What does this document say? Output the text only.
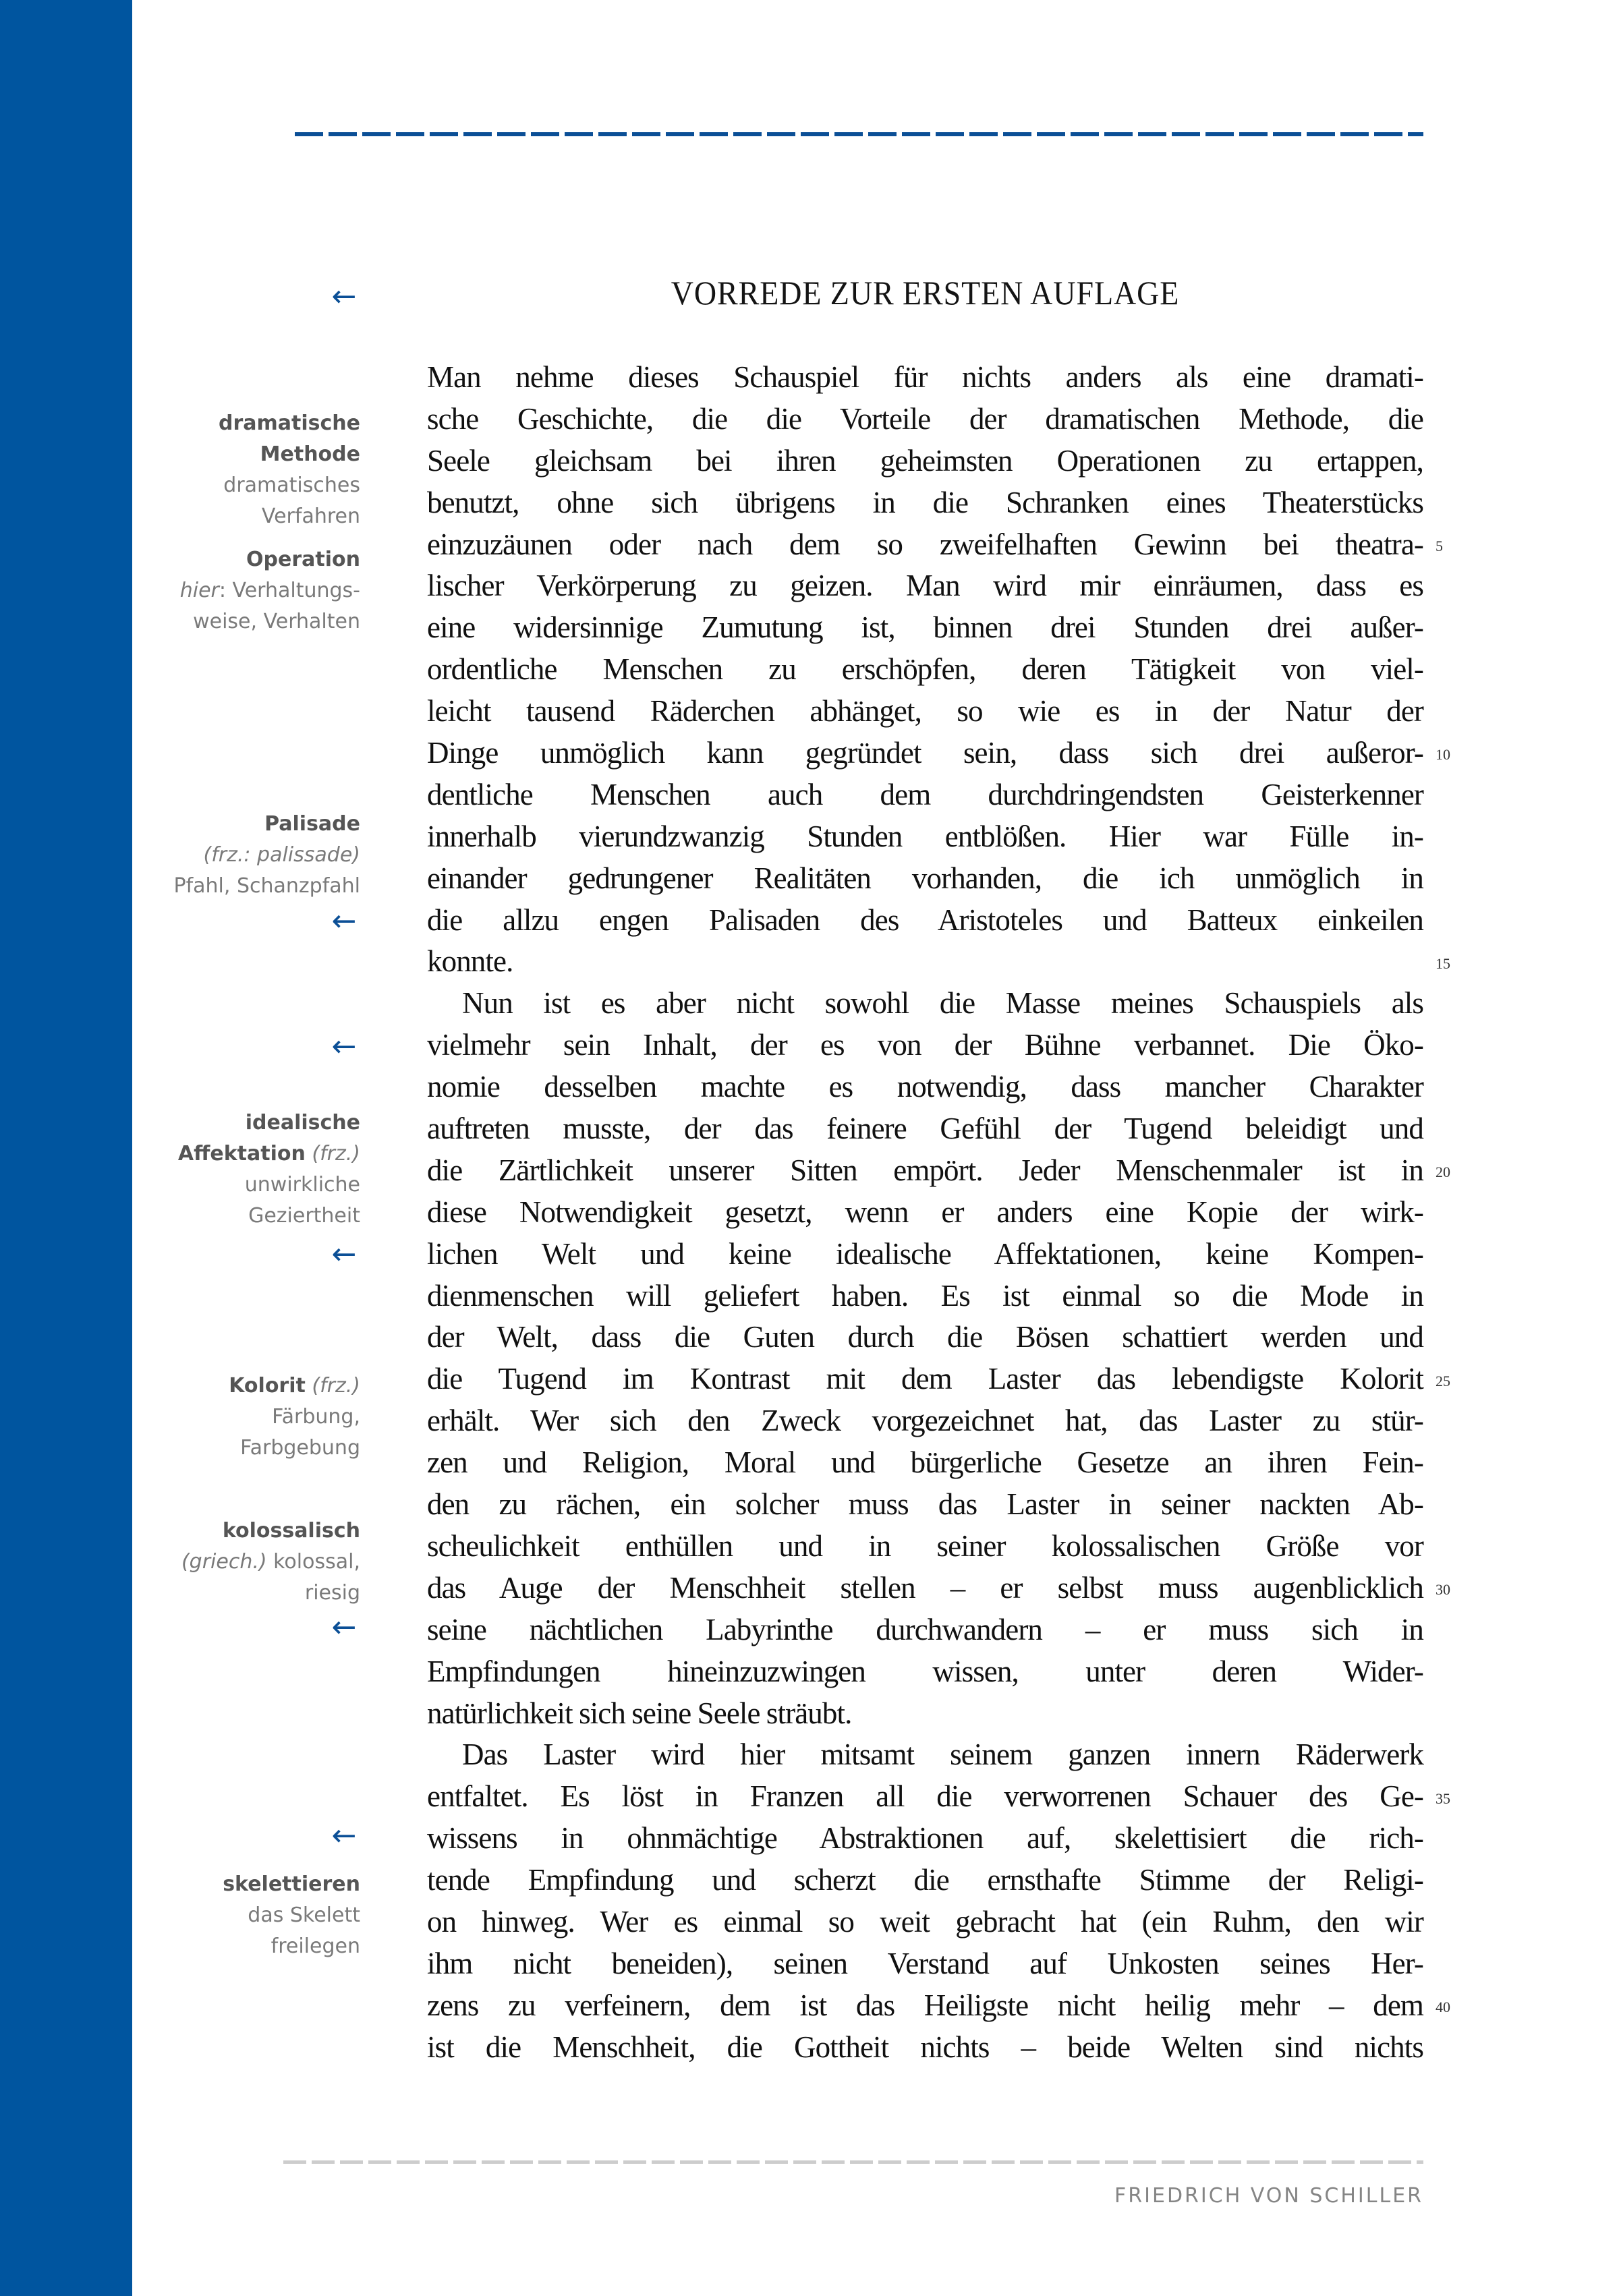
VORREDE ZUR ERSTEN AUFLAGE
←
←
←
←
←
←
dramatische
Methode
dramatisches
Verfahren
Operation
hier: Verhaltungs-
weise, Verhalten
Palisade
(frz.: palissade)
Pfahl, Schanzpfahl
idealische
Affektation (frz.)
unwirkliche
Geziertheit
Kolorit (frz.)
Färbung,
Farbgebung
kolossalisch
(griech.) kolossal,
riesig
skelettieren
das Skelett
freilegen
Man nehme dieses Schauspiel für nichts anders als eine dramati-
sche Geschichte, die die Vorteile der dramatischen Methode, die
Seele gleichsam bei ihren geheimsten Operationen zu ertappen,
benutzt, ohne sich übrigens in die Schranken eines Theaterstücks
einzuzäunen oder nach dem so zweifelhaften Gewinn bei theatra-
lischer Verkörperung zu geizen. Man wird mir einräumen, dass es
eine widersinnige Zumutung ist, binnen drei Stunden drei außer-
ordentliche Menschen zu erschöpfen, deren Tätigkeit von viel-
leicht tausend Räderchen abhänget, so wie es in der Natur der
Dinge unmöglich kann gegründet sein, dass sich drei außeror-
dentliche Menschen auch dem durchdringendsten Geisterkenner
innerhalb vierundzwanzig Stunden entblößen. Hier war Fülle in-
einander gedrungener Realitäten vorhanden, die ich unmöglich in
die allzu engen Palisaden des Aristoteles und Batteux einkeilen
konnte.
Nun ist es aber nicht sowohl die Masse meines Schauspiels als
vielmehr sein Inhalt, der es von der Bühne verbannet. Die Öko-
nomie desselben machte es notwendig, dass mancher Charakter
auftreten musste, der das feinere Gefühl der Tugend beleidigt und
die Zärtlichkeit unserer Sitten empört. Jeder Menschenmaler ist in
diese Notwendigkeit gesetzt, wenn er anders eine Kopie der wirk-
lichen Welt und keine idealische Affektationen, keine Kompen-
dienmenschen will geliefert haben. Es ist einmal so die Mode in
der Welt, dass die Guten durch die Bösen schattiert werden und
die Tugend im Kontrast mit dem Laster das lebendigste Kolorit
erhält. Wer sich den Zweck vorgezeichnet hat, das Laster zu stür-
zen und Religion, Moral und bürgerliche Gesetze an ihren Fein-
den zu rächen, ein solcher muss das Laster in seiner nackten Ab-
scheulichkeit enthüllen und in seiner kolossalischen Größe vor
das Auge der Menschheit stellen – er selbst muss augenblicklich
seine nächtlichen Labyrinthe durchwandern – er muss sich in
Empfindungen hineinzuzwingen wissen, unter deren Wider-
natürlichkeit sich seine Seele sträubt.
Das Laster wird hier mitsamt seinem ganzen innern Räderwerk
entfaltet. Es löst in Franzen all die verworrenen Schauer des Ge-
wissens in ohnmächtige Abstraktionen auf, skelettisiert die rich-
tende Empfindung und scherzt die ernsthafte Stimme der Religi-
on hinweg. Wer es einmal so weit gebracht hat (ein Ruhm, den wir
ihm nicht beneiden), seinen Verstand auf Unkosten seines Her-
zens zu verfeinern, dem ist das Heiligste nicht heilig mehr – dem
ist die Menschheit, die Gottheit nichts – beide Welten sind nichts
5
10
15
20
25
30
35
40
FRIEDRICH VON SCHILLER
